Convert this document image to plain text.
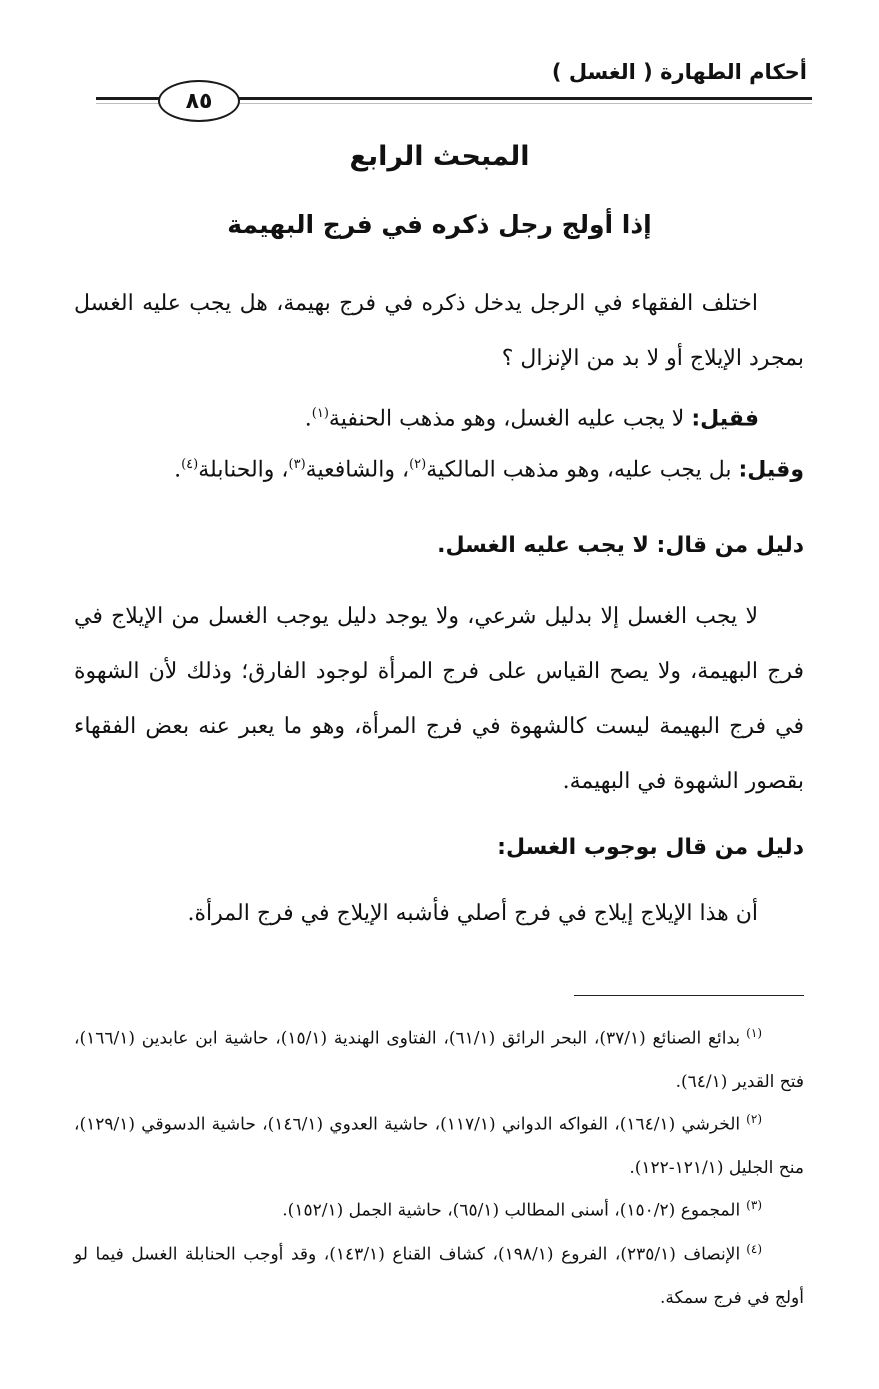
أحكام الطهارة ( الغسل )
٨٥
المبحث الرابع
إذا أولج رجل ذكره في فرج البهيمة
اختلف الفقهاء في الرجل يدخل ذكره في فرج بهيمة، هل يجب عليه الغسل بمجرد الإيلاج أو لا بد من الإنزال ؟
فقيل: لا يجب عليه الغسل، وهو مذهب الحنفية$^{(١)}$.
وقيل: بل يجب عليه، وهو مذهب المالكية$^{(٢)}$، والشافعية$^{(٣)}$، والحنابلة$^{(٤)}$.
دليل من قال: لا يجب عليه الغسل.
لا يجب الغسل إلا بدليل شرعي، ولا يوجد دليل يوجب الغسل من الإيلاج في فرج البهيمة، ولا يصح القياس على فرج المرأة لوجود الفارق؛ وذلك لأن الشهوة في فرج البهيمة ليست كالشهوة في فرج المرأة، وهو ما يعبر عنه بعض الفقهاء بقصور الشهوة في البهيمة.
دليل من قال بوجوب الغسل:
أن هذا الإيلاج إيلاج في فرج أصلي فأشبه الإيلاج في فرج المرأة.
$^{(١)}$بدائع الصنائع (٣٧/١)، البحر الرائق (٦١/١)، الفتاوى الهندية (١٥/١)، حاشية ابن عابدين (١٦٦/١)، فتح القدير (٦٤/١).
$^{(٢)}$الخرشي (١٦٤/١)، الفواكه الدواني (١١٧/١)، حاشية العدوي (١٤٦/١)، حاشية الدسوقي (١٢٩/١)، منح الجليل (١٢١/١-١٢٢).
$^{(٣)}$المجموع (١٥٠/٢)، أسنى المطالب (٦٥/١)، حاشية الجمل (١٥٢/١).
$^{(٤)}$الإنصاف (٢٣٥/١)، الفروع (١٩٨/١)، كشاف القناع (١٤٣/١)، وقد أوجب الحنابلة الغسل فيما لو أولج في فرج سمكة.
